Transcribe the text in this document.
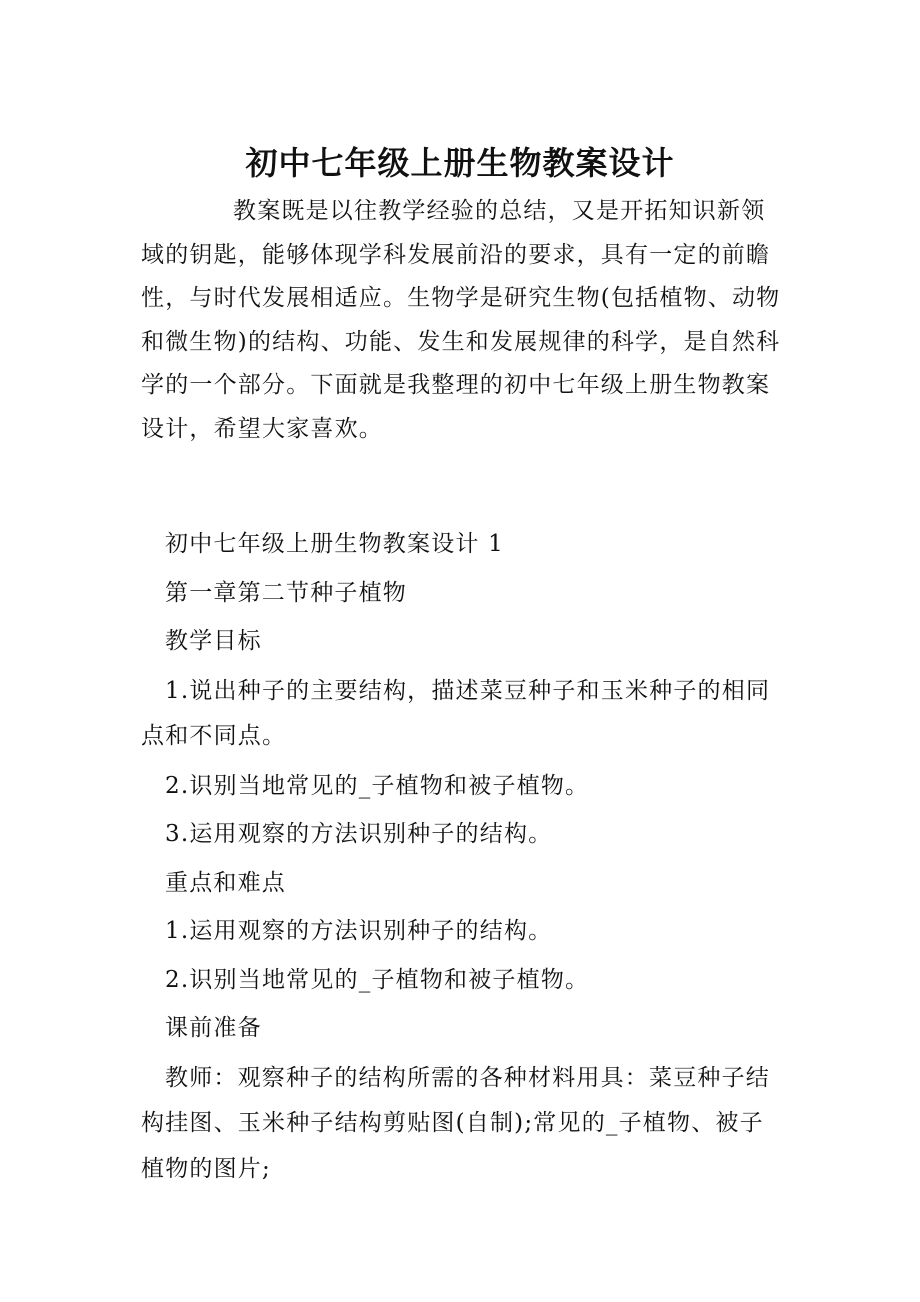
初中七年级上册生物教案设计

教案既是以往教学经验的总结，又是开拓知识新领域的钥匙，能够体现学科发展前沿的要求，具有一定的前瞻性，与时代发展相适应。生物学是研究生物(包括植物、动物和微生物)的结构、功能、发生和发展规律的科学，是自然科学的一个部分。下面就是我整理的初中七年级上册生物教案设计，希望大家喜欢。

初中七年级上册生物教案设计 1

第一章第二节种子植物

教学目标

1.说出种子的主要结构，描述菜豆种子和玉米种子的相同点和不同点。

2.识别当地常见的_子植物和被子植物。

3.运用观察的方法识别种子的结构。

重点和难点

1.运用观察的方法识别种子的结构。

2.识别当地常见的_子植物和被子植物。

课前准备

教师：观察种子的结构所需的各种材料用具：菜豆种子结构挂图、玉米种子结构剪贴图(自制);常见的_子植物、被子植物的图片;
